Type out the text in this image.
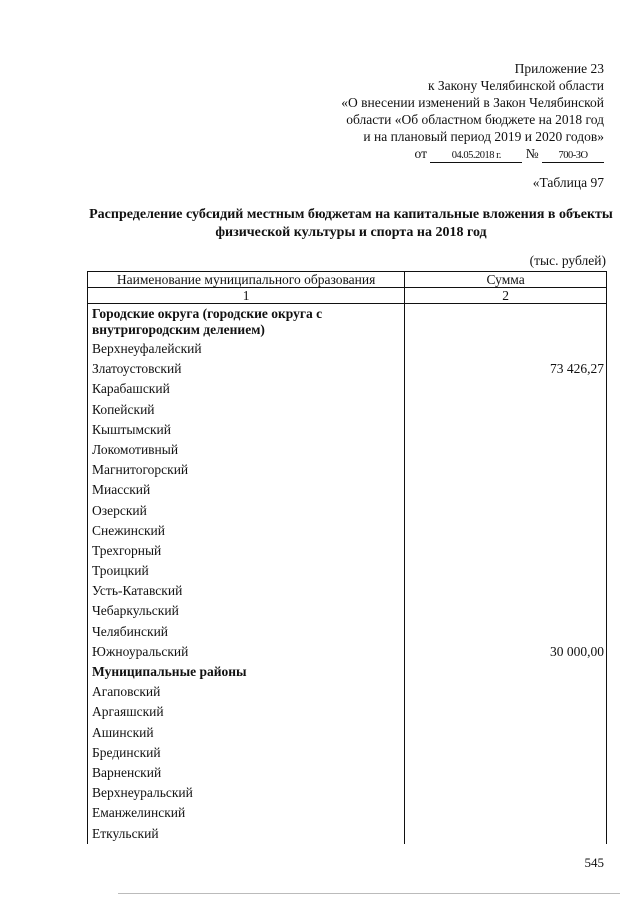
Приложение 23
к Закону Челябинской области
«О внесении изменений в Закон Челябинской
области «Об областном бюджете на 2018 год
и на плановый период 2019 и 2020 годов»
от 04.05.2018 г. № 700-ЗО
«Таблица 97
Распределение субсидий местным бюджетам на капитальные вложения в объекты физической культуры и спорта на 2018 год
(тыс. рублей)
Наименование муниципального образования	Сумма
1	2
Городские округа (городские округа с внутригородским делением)	
Верхнеуфалейский	
Златоустовский	73 426,27
Карабашский	
Копейский	
Кыштымский	
Локомотивный	
Магнитогорский	
Миасский	
Озерский	
Снежинский	
Трехгорный	
Троицкий	
Усть-Катавский	
Чебаркульский	
Челябинский	
Южноуральский	30 000,00
Муниципальные районы	
Агаповский	
Аргаяшский	
Ашинский	
Брединский	
Варненский	
Верхнеуральский	
Еманжелинский	
Еткульский	
545
